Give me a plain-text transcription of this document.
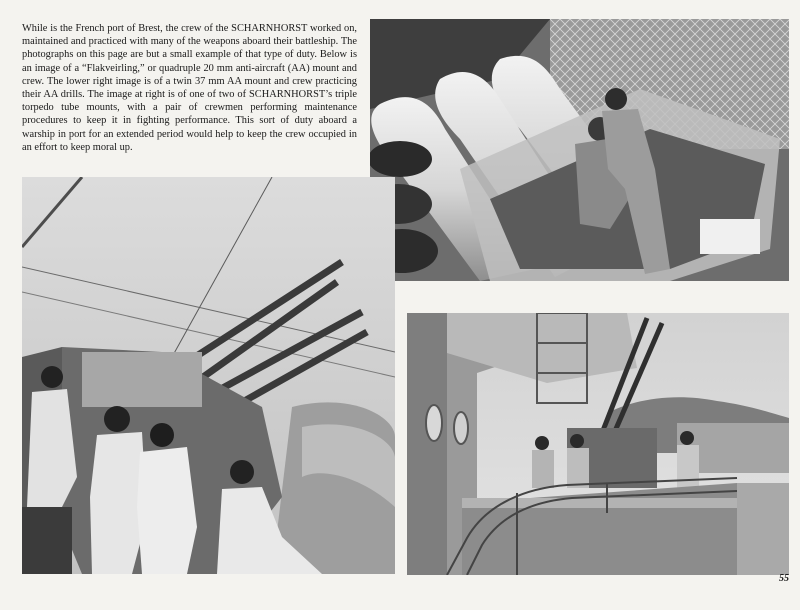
While is the French port of Brest, the crew of the SCHARNHORST worked on, maintained and practiced with many of the weapons aboard their battleship. The photographs on this page are but a small example of that type of duty. Below is an image of a “Flakveirling,” or quadruple 20 mm anti-aircraft (AA) mount and crew. The lower right image is of a twin 37 mm AA mount and crew practicing their AA drills. The image at right is of one of two of SCHARNHORST’s triple torpedo tube mounts, with a pair of crewmen performing maintenance procedures to keep it in fighting performance. This sort of duty aboard a warship in port for an extended period would help to keep the crew occupied in an effort to keep moral up.

55
